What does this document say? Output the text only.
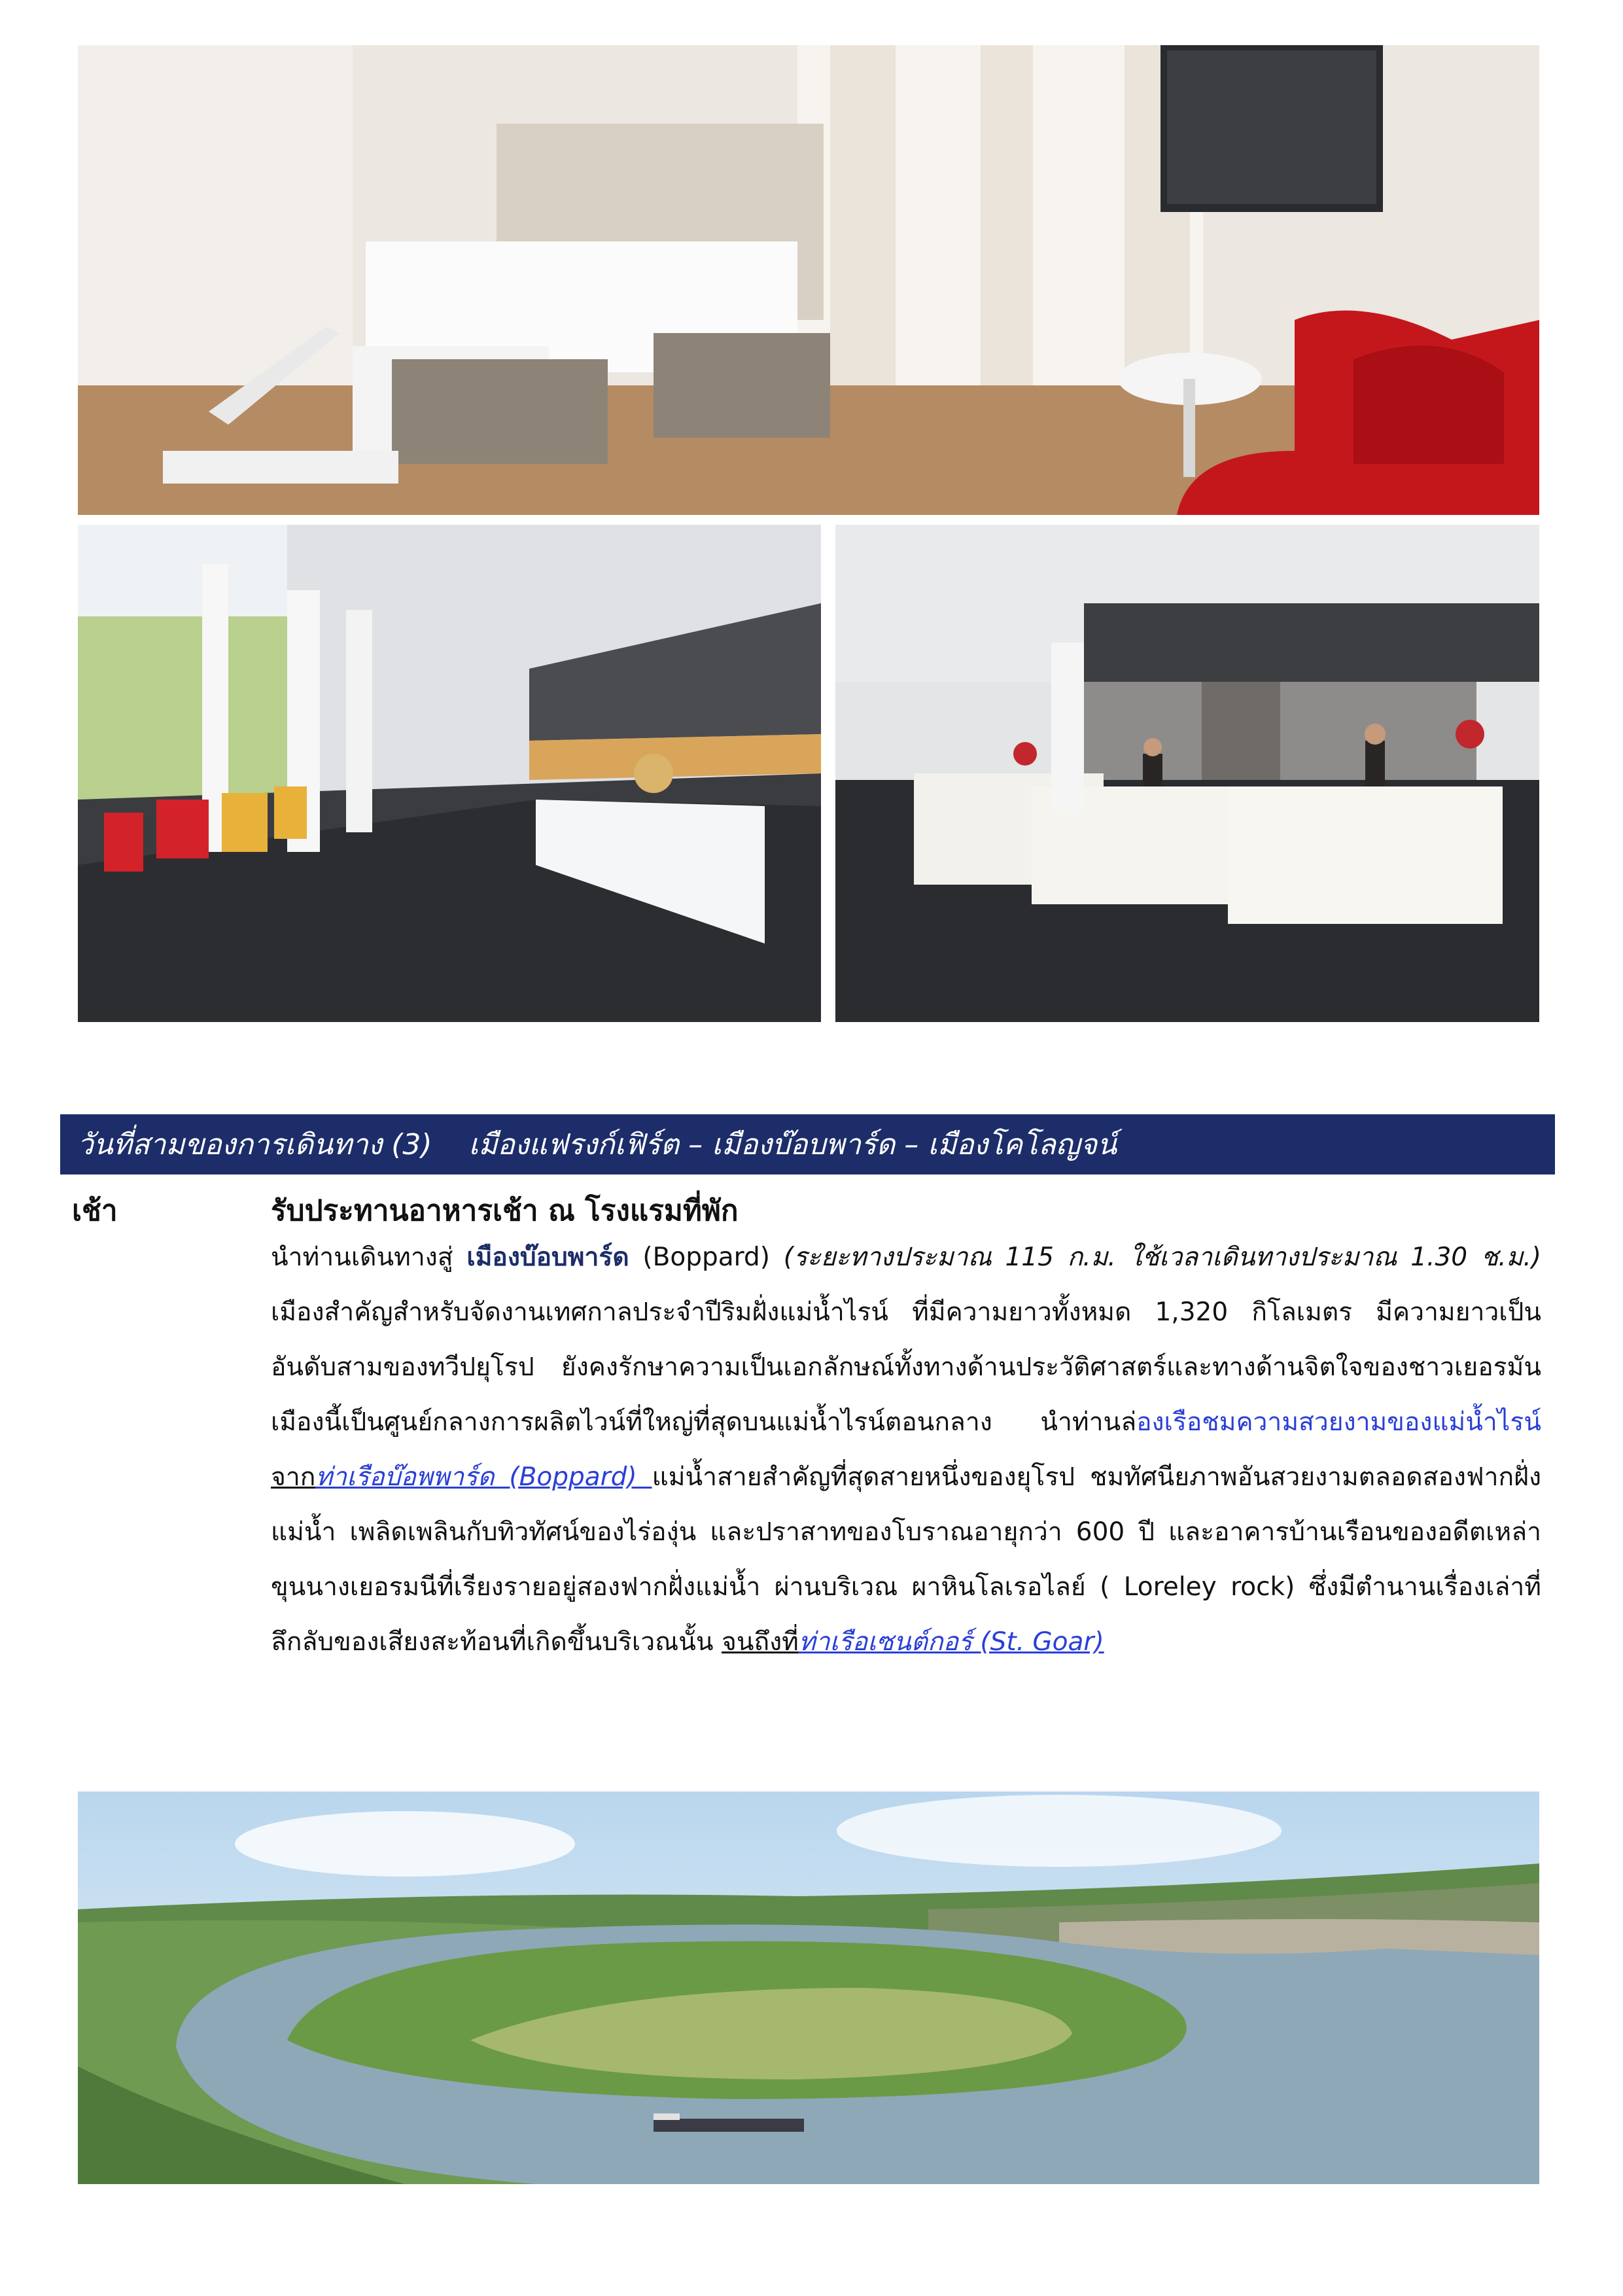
วันที่สามของการเดินทาง (3)    เมืองแฟรงก์เฟิร์ต – เมืองบ๊อบพาร์ด – เมืองโคโลญจน์
เช้า	รับประทานอาหารเช้า ณ โรงแรมที่พัก
นำท่านเดินทางสู่ เมืองบ๊อบพาร์ด (Boppard) (ระยะทางประมาณ 115 ก.ม. ใช้เวลาเดินทางประมาณ 1.30 ช.ม.) เมืองสำคัญสำหรับจัดงานเทศกาลประจำปีริมฝั่งแม่น้ำไรน์ ที่มีความยาวทั้งหมด 1,320 กิโลเมตร มีความยาวเป็นอันดับสามของทวีปยุโรป ยังคงรักษาความเป็นเอกลักษณ์ทั้งทางด้านประวัติศาสตร์และทางด้านจิตใจของชาวเยอรมัน เมืองนี้เป็นศูนย์กลางการผลิตไวน์ที่ใหญ่ที่สุดบนแม่น้ำไรน์ตอนกลาง นำท่านล่องเรือชมความสวยงามของแม่น้ำไรน์ จากท่าเรือบ๊อพพาร์ด (Boppard) แม่น้ำสายสำคัญที่สุดสายหนึ่งของยุโรป ชมทัศนียภาพอันสวยงามตลอดสองฟากฝั่งแม่น้ำ เพลิดเพลินกับทิวทัศน์ของไร่องุ่น และปราสาทของโบราณอายุกว่า 600 ปี และอาคารบ้านเรือนของอดีตเหล่าขุนนางเยอรมนีที่เรียงรายอยู่สองฟากฝั่งแม่น้ำ ผ่านบริเวณ ผาหินโลเรอไลย์ ( Loreley rock) ซึ่งมีตำนานเรื่องเล่าที่ลึกลับของเสียงสะท้อนที่เกิดขึ้นบริเวณนั้น จนถึงที่ท่าเรือเซนต์กอร์ (St. Goar)
